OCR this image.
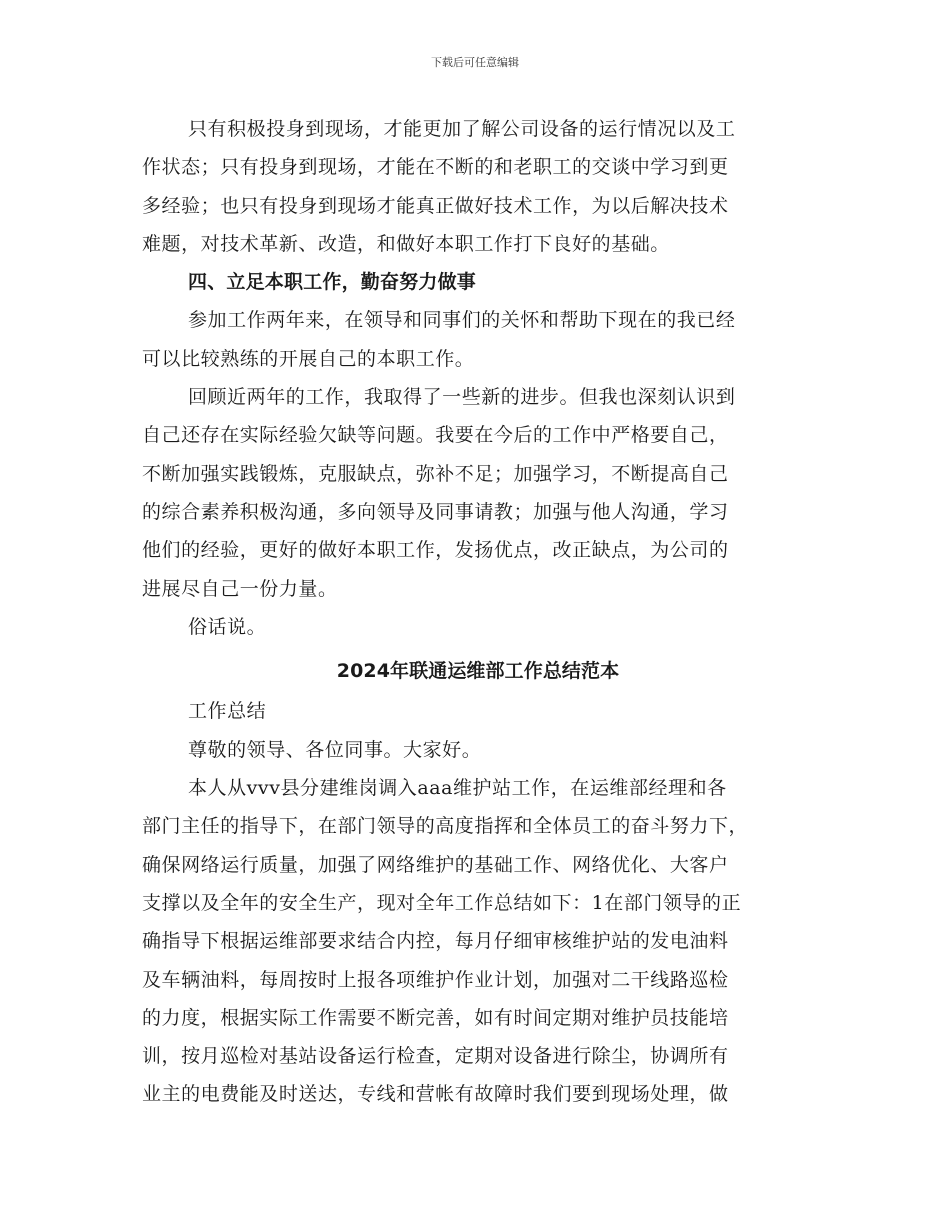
下载后可任意编辑
只有积极投身到现场，才能更加了解公司设备的运行情况以及工
作状态；只有投身到现场，才能在不断的和老职工的交谈中学习到更
多经验；也只有投身到现场才能真正做好技术工作，为以后解决技术
难题，对技术革新、改造，和做好本职工作打下良好的基础。
四、立足本职工作，勤奋努力做事
参加工作两年来，在领导和同事们的关怀和帮助下现在的我已经
可以比较熟练的开展自己的本职工作。
回顾近两年的工作，我取得了一些新的进步。但我也深刻认识到
自己还存在实际经验欠缺等问题。我要在今后的工作中严格要自己，
不断加强实践锻炼，克服缺点，弥补不足；加强学习，不断提高自己
的综合素养积极沟通，多向领导及同事请教；加强与他人沟通，学习
他们的经验，更好的做好本职工作，发扬优点，改正缺点，为公司的
进展尽自己一份力量。
俗话说。
2024年联通运维部工作总结范本
工作总结
尊敬的领导、各位同事。大家好。
本人从vvv县分建维岗调入aaa维护站工作，在运维部经理和各
部门主任的指导下，在部门领导的高度指挥和全体员工的奋斗努力下，
确保网络运行质量，加强了网络维护的基础工作、网络优化、大客户
支撑以及全年的安全生产，现对全年工作总结如下：1在部门领导的正
确指导下根据运维部要求结合内控，每月仔细审核维护站的发电油料
及车辆油料，每周按时上报各项维护作业计划，加强对二干线路巡检
的力度，根据实际工作需要不断完善，如有时间定期对维护员技能培
训，按月巡检对基站设备运行检查，定期对设备进行除尘，协调所有
业主的电费能及时送达，专线和营帐有故障时我们要到现场处理，做
